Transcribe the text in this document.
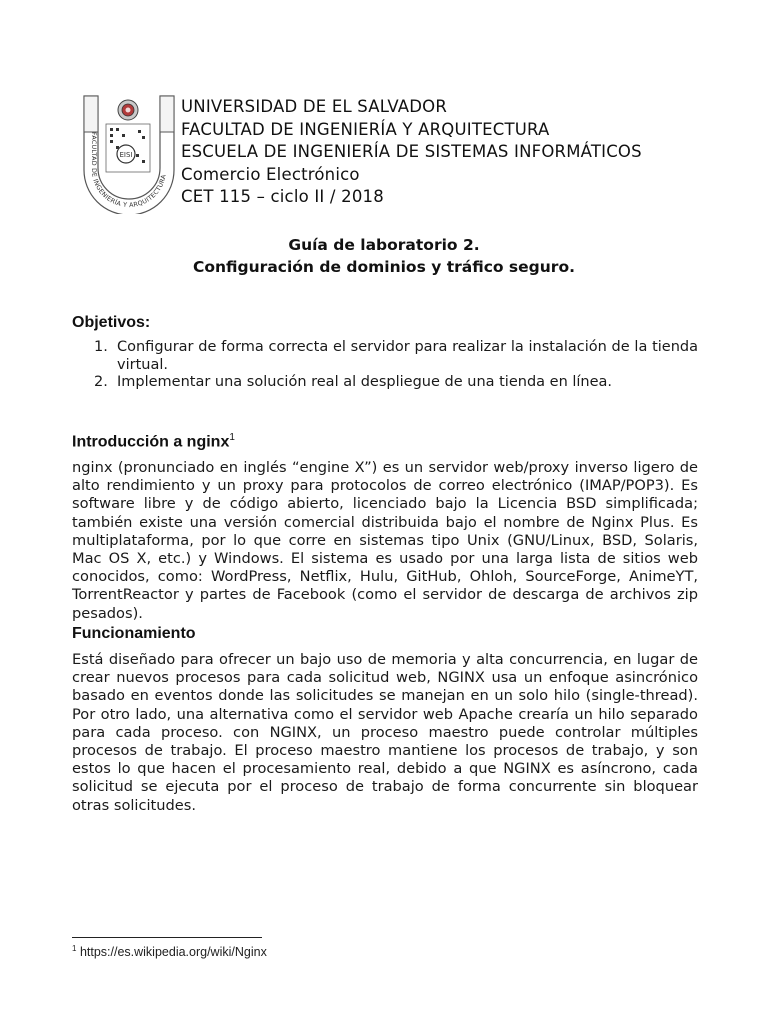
EISI
FACULTAD DE INGENIERÍA Y ARQUITECTURA
UNIVERSIDAD DE EL SALVADOR
FACULTAD DE INGENIERÍA Y ARQUITECTURA
ESCUELA DE INGENIERÍA DE SISTEMAS INFORMÁTICOS
Comercio Electrónico
CET 115 – ciclo II / 2018
Guía de laboratorio 2.
Configuración de dominios y tráfico seguro.
Objetivos:
1. Configurar de forma correcta el servidor para realizar la instalación de la tienda virtual.
2. Implementar una solución real al despliegue de una tienda en línea.
Introducción a nginx$^1$

nginx (pronunciado en inglés “engine X”) es un servidor web/proxy inverso ligero de alto rendimiento y un proxy para protocolos de correo electrónico (IMAP/POP3). Es software libre y de código abierto, licenciado bajo la Licencia BSD simplificada; también existe una versión comercial distribuida bajo el nombre de Nginx Plus. Es multiplataforma, por lo que corre en sistemas tipo Unix (GNU/Linux, BSD, Solaris, Mac OS X, etc.) y Windows. El sistema es usado por una larga lista de sitios web conocidos, como: WordPress, Netflix, Hulu, GitHub, Ohloh, SourceForge, AnimeYT, TorrentReactor y partes de Facebook (como el servidor de descarga de archivos zip pesados).

Funcionamiento

Está diseñado para ofrecer un bajo uso de memoria y alta concurrencia, en lugar de crear nuevos procesos para cada solicitud web, NGINX usa un enfoque asincrónico basado en eventos donde las solicitudes se manejan en un solo hilo (single-thread). Por otro lado, una alternativa como el servidor web Apache crearía un hilo separado para cada proceso. con NGINX, un proceso maestro puede controlar múltiples procesos de trabajo. El proceso maestro mantiene los procesos de trabajo, y son estos lo que hacen el procesamiento real, debido a que NGINX es asíncrono, cada solicitud se ejecuta por el proceso de trabajo de forma concurrente sin bloquear otras solicitudes.

$^1$ https://es.wikipedia.org/wiki/Nginx
